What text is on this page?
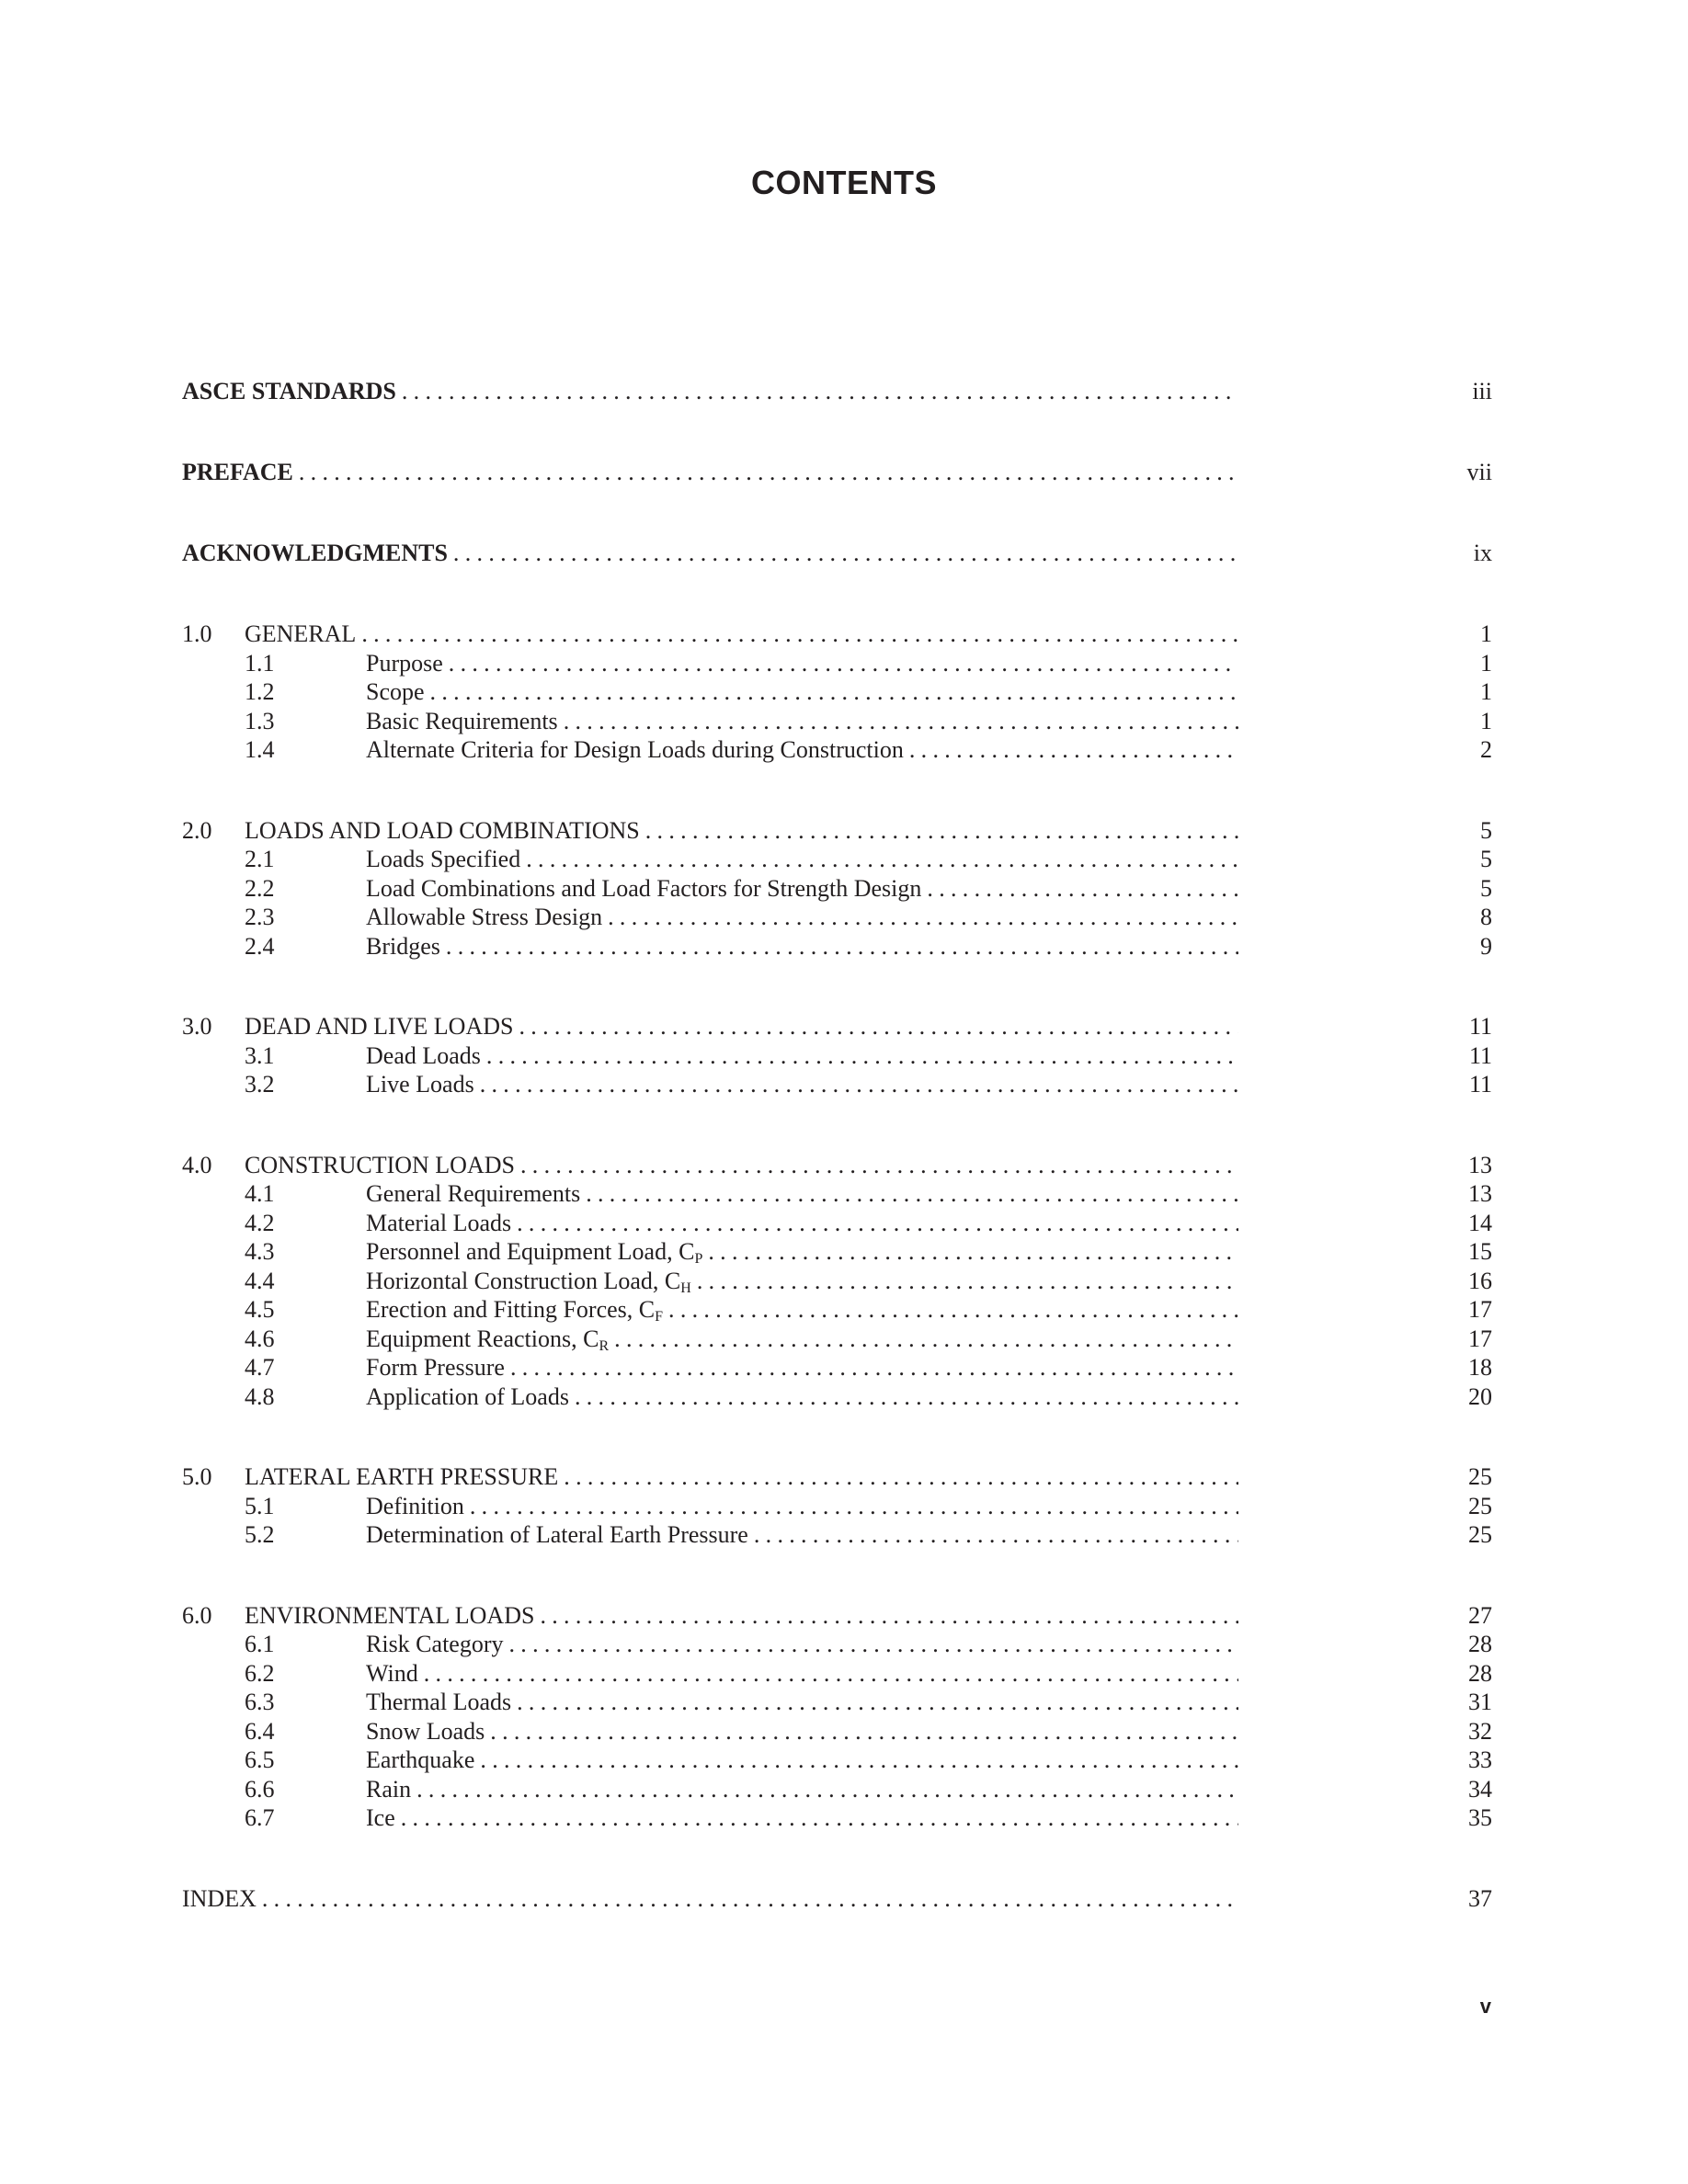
CONTENTS
ASCE STANDARDS .....	iii
PREFACE .....	vii
ACKNOWLEDGMENTS .....	ix
1.0	GENERAL .....	1
1.1	Purpose .....	1
1.2	Scope .....	1
1.3	Basic Requirements .....	1
1.4	Alternate Criteria for Design Loads during Construction .....	2
2.0	LOADS AND LOAD COMBINATIONS .....	5
2.1	Loads Specified .....	5
2.2	Load Combinations and Load Factors for Strength Design .....	5
2.3	Allowable Stress Design .....	8
2.4	Bridges .....	9
3.0	DEAD AND LIVE LOADS .....	11
3.1	Dead Loads .....	11
3.2	Live Loads .....	11
4.0	CONSTRUCTION LOADS .....	13
4.1	General Requirements .....	13
4.2	Material Loads .....	14
4.3	Personnel and Equipment Load, $C_P$ .....	15
4.4	Horizontal Construction Load, $C_H$ .....	16
4.5	Erection and Fitting Forces, $C_F$ .....	17
4.6	Equipment Reactions, $C_R$ .....	17
4.7	Form Pressure .....	18
4.8	Application of Loads .....	20
5.0	LATERAL EARTH PRESSURE .....	25
5.1	Definition .....	25
5.2	Determination of Lateral Earth Pressure .....	25
6.0	ENVIRONMENTAL LOADS .....	27
6.1	Risk Category .....	28
6.2	Wind .....	28
6.3	Thermal Loads .....	31
6.4	Snow Loads .....	32
6.5	Earthquake .....	33
6.6	Rain .....	34
6.7	Ice .....	35
INDEX .....	37
v
